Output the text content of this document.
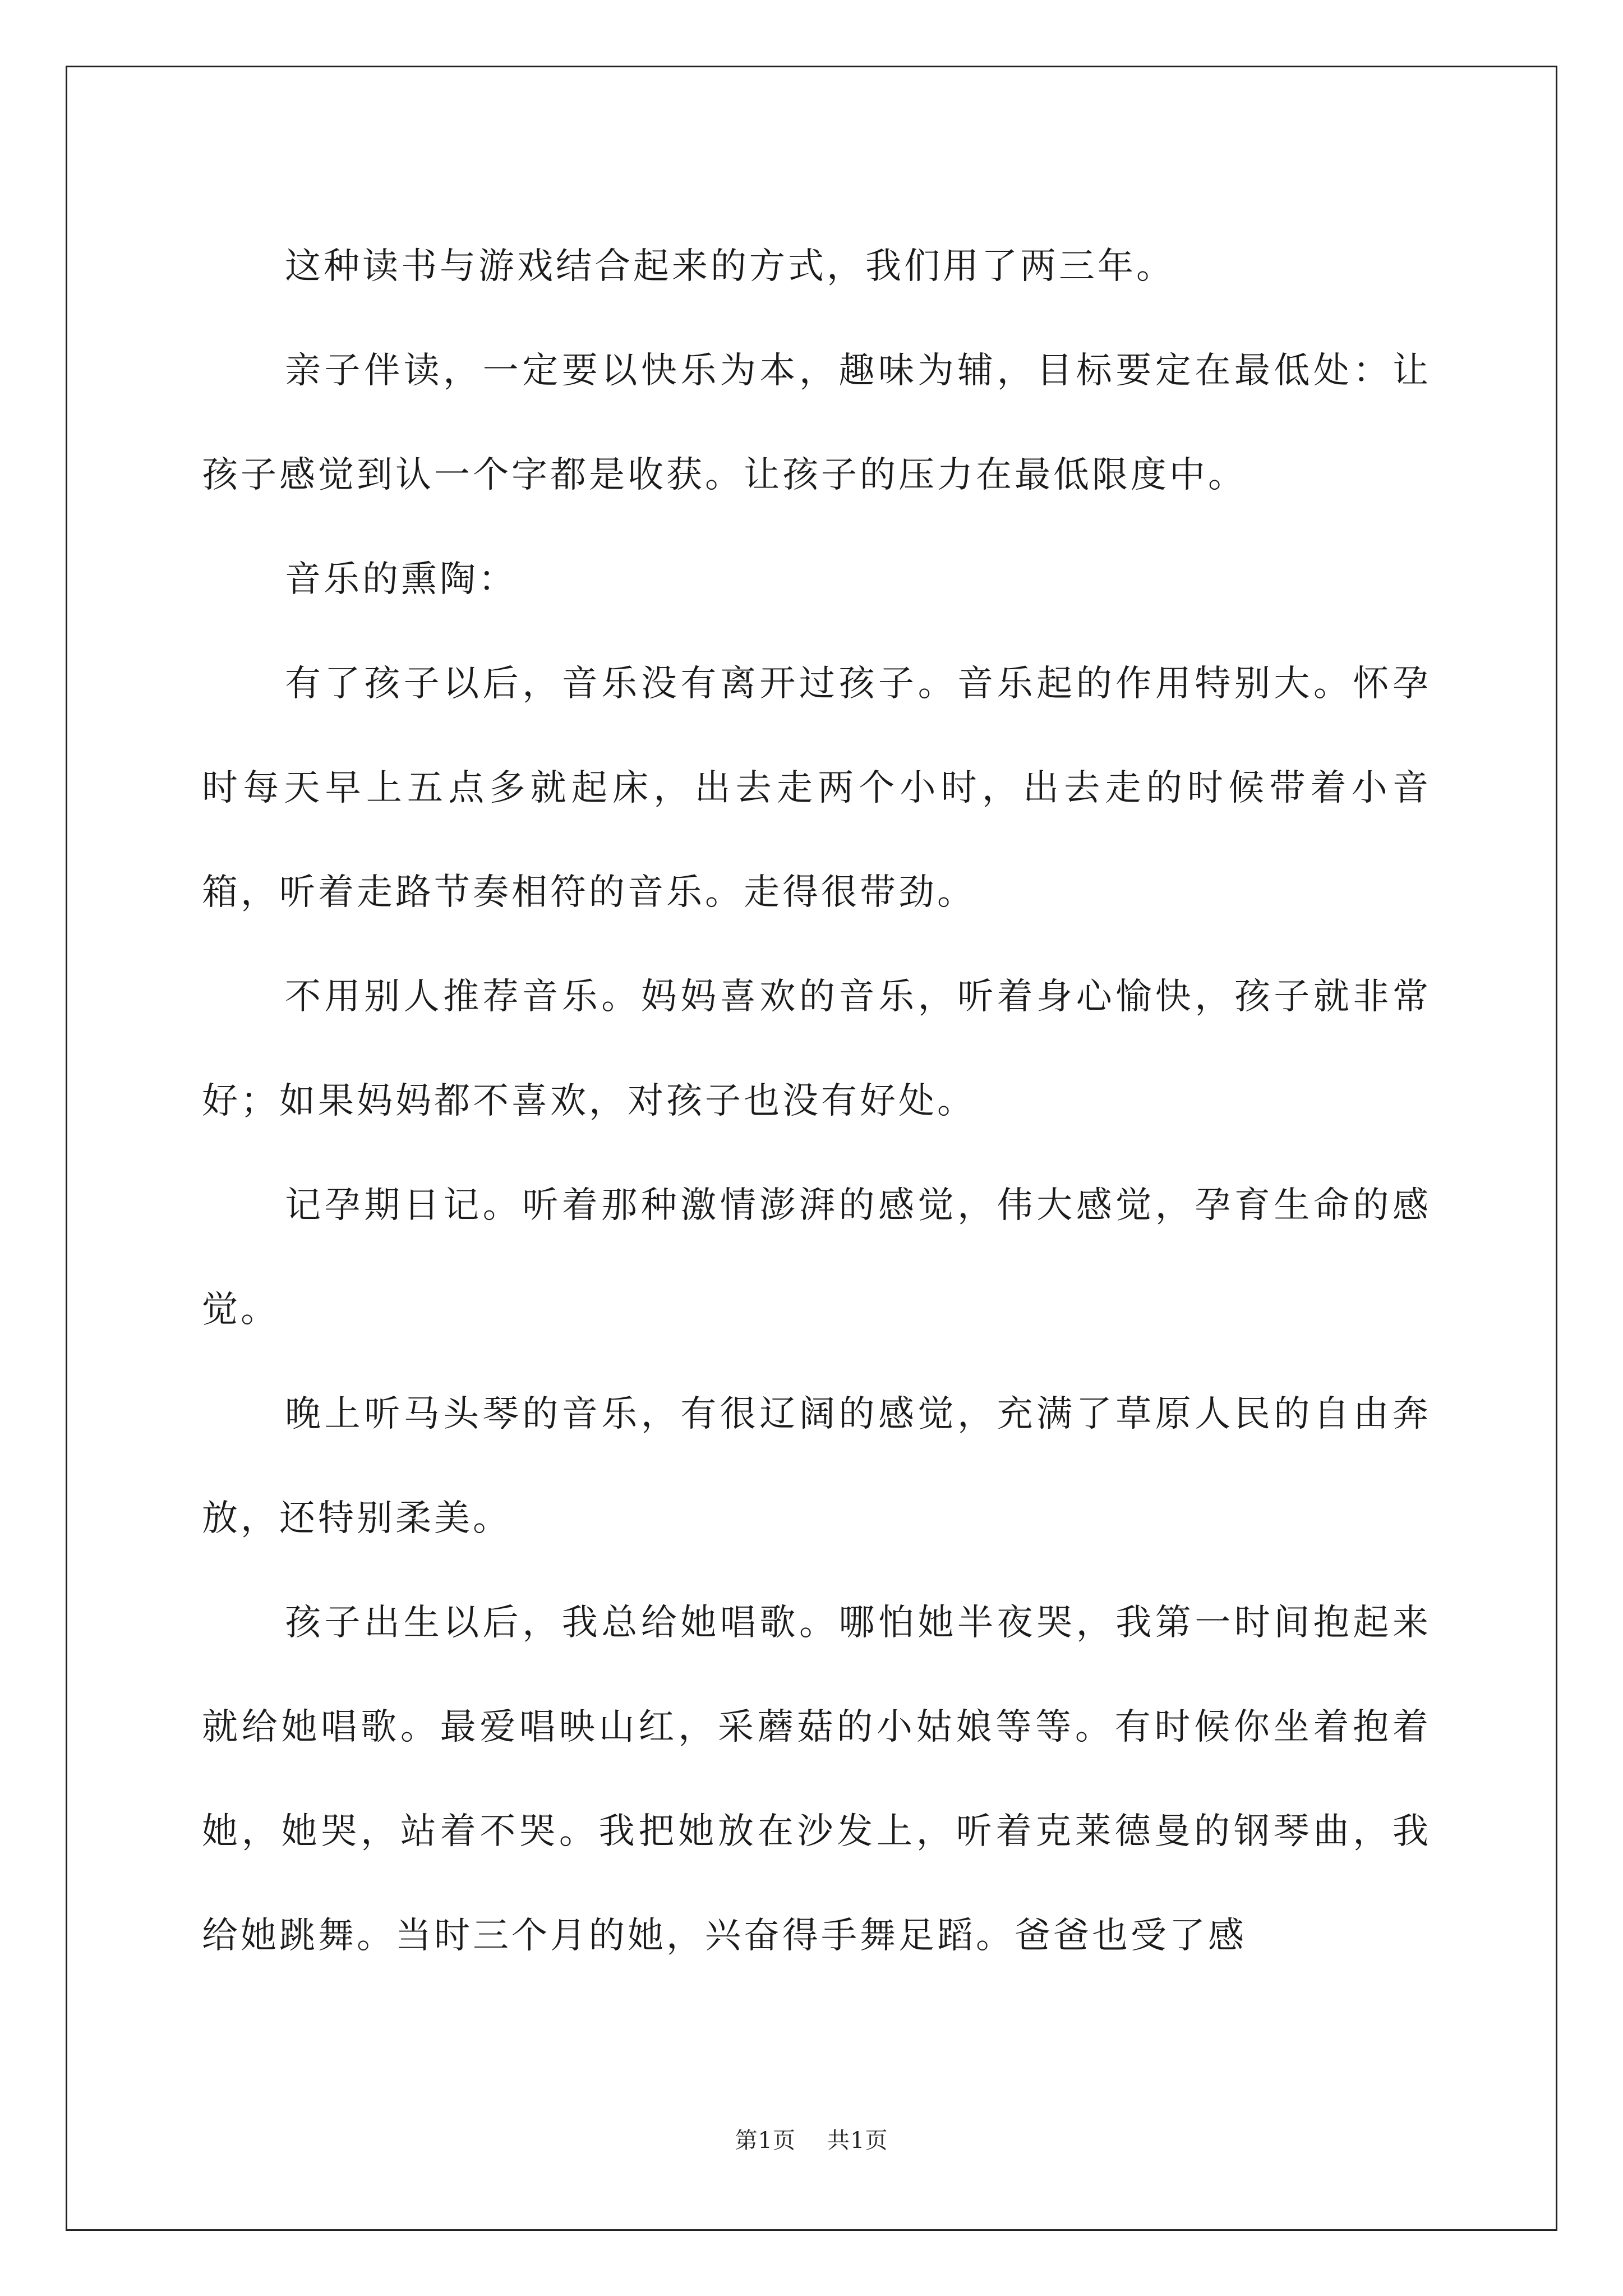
这种读书与游戏结合起来的方式，我们用了两三年。

亲子伴读，一定要以快乐为本，趣味为辅，目标要定在最低处：让孩子感觉到认一个字都是收获。让孩子的压力在最低限度中。

音乐的熏陶：

有了孩子以后，音乐没有离开过孩子。音乐起的作用特别大。怀孕时每天早上五点多就起床，出去走两个小时，出去走的时候带着小音箱，听着走路节奏相符的音乐。走得很带劲。

不用别人推荐音乐。妈妈喜欢的音乐，听着身心愉快，孩子就非常好；如果妈妈都不喜欢，对孩子也没有好处。

记孕期日记。听着那种激情澎湃的感觉，伟大感觉，孕育生命的感觉。

晚上听马头琴的音乐，有很辽阔的感觉，充满了草原人民的自由奔放，还特别柔美。

孩子出生以后，我总给她唱歌。哪怕她半夜哭，我第一时间抱起来就给她唱歌。最爱唱映山红，采蘑菇的小姑娘等等。有时候你坐着抱着她，她哭，站着不哭。我把她放在沙发上，听着克莱德曼的钢琴曲，我给她跳舞。当时三个月的她，兴奋得手舞足蹈。爸爸也受了感

第1页 共1页
